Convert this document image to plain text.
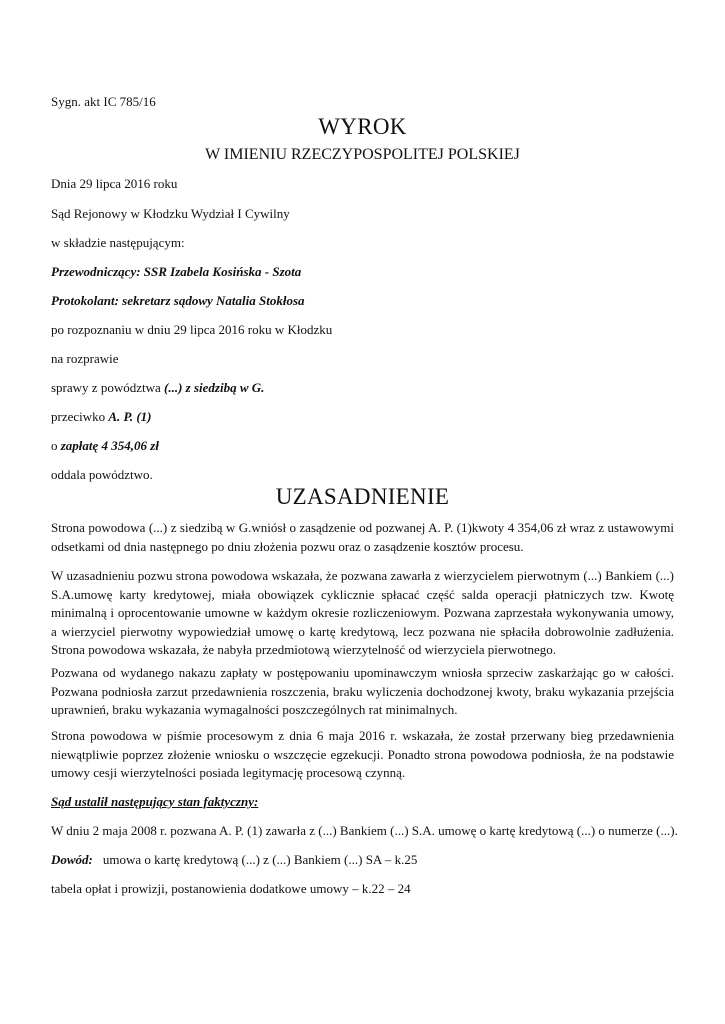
Sygn. akt IC 785/16
WYROK
W IMIENIU RZECZYPOSPOLITEJ POLSKIEJ
Dnia 29 lipca 2016 roku
Sąd Rejonowy w Kłodzku Wydział I Cywilny
w składzie następującym:
Przewodniczący: SSR Izabela Kosińska - Szota
Protokolant: sekretarz sądowy Natalia Stokłosa
po rozpoznaniu w dniu 29 lipca 2016 roku w Kłodzku
na rozprawie
sprawy z powództwa (...) z siedzibą w G.
przeciwko A. P. (1)
o zapłatę 4 354,06 zł
oddala powództwo.
UZASADNIENIE
Strona powodowa (...) z siedzibą w G.wniósł o zasądzenie od pozwanej A. P. (1)kwoty 4 354,06 zł wraz z ustawowymi odsetkami od dnia następnego po dniu złożenia pozwu oraz o zasądzenie kosztów procesu.
W uzasadnieniu pozwu strona powodowa wskazała, że pozwana zawarła z wierzycielem pierwotnym (...) Bankiem (...) S.A.umowę karty kredytowej, miała obowiązek cyklicznie spłacać część salda operacji płatniczych tzw. Kwotę minimalną i oprocentowanie umowne w każdym okresie rozliczeniowym. Pozwana zaprzestała wykonywania umowy, a wierzyciel pierwotny wypowiedział umowę o kartę kredytową, lecz pozwana nie spłaciła dobrowolnie zadłużenia. Strona powodowa wskazała, że nabyła przedmiotową wierzytelność od wierzyciela pierwotnego.
Pozwana od wydanego nakazu zapłaty w postępowaniu upominawczym wniosła sprzeciw zaskarżając go w całości. Pozwana podniosła zarzut przedawnienia roszczenia, braku wyliczenia dochodzonej kwoty, braku wykazania przejścia uprawnień, braku wykazania wymagalności poszczególnych rat minimalnych.
Strona powodowa w piśmie procesowym z dnia 6 maja 2016 r. wskazała, że został przerwany bieg przedawnienia niewątpliwie poprzez złożenie wniosku o wszczęcie egzekucji. Ponadto strona powodowa podniosła, że na podstawie umowy cesji wierzytelności posiada legitymację procesową czynną.
Sąd ustalił następujący stan faktyczny:
W dniu 2 maja 2008 r. pozwana A. P. (1) zawarła z (...) Bankiem (...) S.A. umowę o kartę kredytową (...) o numerze (...).
Dowód: umowa o kartę kredytową (...) z (...) Bankiem (...) SA – k.25
tabela opłat i prowizji, postanowienia dodatkowe umowy – k.22 – 24
